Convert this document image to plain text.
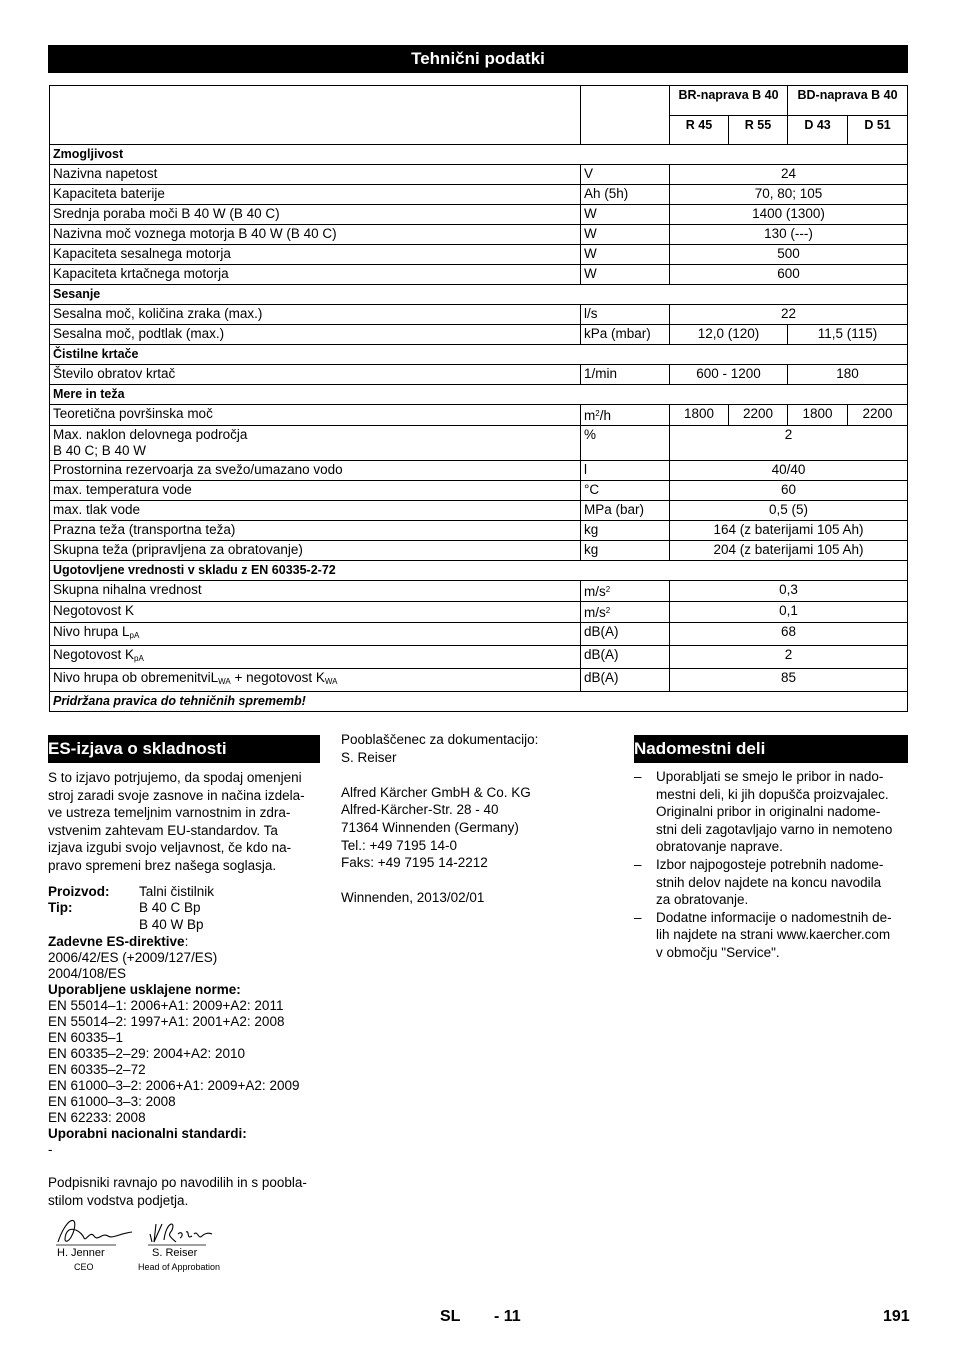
Tehnični podatki
		BR-naprava B 40		BD-naprava B 40	
		R 45	R 55	D 43	D 51
Zmogljivost					
Nazivna napetost	V	24			
Kapaciteta baterije	Ah (5h)	70, 80; 105			
Srednja poraba moči B 40 W (B 40 C)	W	1400 (1300)			
Nazivna moč voznega motorja B 40 W (B 40 C)	W	130 (---)			
Kapaciteta sesalnega motorja	W	500			
Kapaciteta krtačnega motorja	W	600			
Sesanje					
Sesalna moč, količina zraka (max.)	l/s	22			
Sesalna moč, podtlak (max.)	kPa (mbar)	12,0 (120)		11,5 (115)	
Čistilne krtače					
Število obratov krtač	1/min	600 - 1200		180	
Mere in teža					
Teoretična površinska moč	$m^2/h$	1800	2200	1800	2200

Max. naklon delovnega področja
B 40 C; B 40 W	%	2			
Prostornina rezervoarja za svežo/umazano vodo	l	40/40			
max. temperatura vode	°C	60			
max. tlak vode	MPa (bar)	0,5 (5)			
Prazna teža (transportna teža)	kg	164 (z baterijami 105 Ah)			
Skupna teža (pripravljena za obratovanje)	kg	204 (z baterijami 105 Ah)			
Ugotovljene vrednosti v skladu z EN 60335-2-72					
Skupna nihalna vrednost	$m/s^2$	0,3			
Negotovost K	$m/s^2$	0,1			
Nivo hrupa $L_{pA}$	dB(A)	68			
Negotovost $K_{pA}$	dB(A)	2			
Nivo hrupa ob obremenitviL$_{WA}$ + negotovost $K_{WA}$	dB(A)	85			
Pridržana pravica do tehničnih sprememb!					
ES-izjava o skladnosti
S to izjavo potrjujemo, da spodaj omenjeni
stroj zaradi svoje zasnove in načina izdela-
ve ustreza temeljnim varnostnim in zdra-
vstvenim zahtevam EU-standardov. Ta
izjava izgubi svojo veljavnost, če kdo na-
pravo spremeni brez našega soglasja.
Proizvod:	Talni čistilnik
Tip:	B 40 C Bp
B 40 W Bp
Zadevne ES-direktive:
2006/42/ES (+2009/127/ES)
2004/108/ES
Uporabljene usklajene norme:
EN 55014–1: 2006+A1: 2009+A2: 2011
EN 55014–2: 1997+A1: 2001+A2: 2008
EN 60335–1
EN 60335–2–29: 2004+A2: 2010
EN 60335–2–72
EN 61000–3–2: 2006+A1: 2009+A2: 2009
EN 61000–3–3: 2008
EN 62233: 2008
Uporabni nacionalni standardi:
-
Podpisniki ravnajo po navodilih in s poobla-
stilom vodstva podjetja.
H. Jenner
CEO
S. Reiser
Head of Approbation
Pooblaščenec za dokumentacijo:
S. Reiser
Alfred Kärcher GmbH & Co. KG
Alfred-Kärcher-Str. 28 - 40
71364 Winnenden (Germany)
Tel.: +49 7195 14-0
Faks: +49 7195 14-2212
Winnenden, 2013/02/01
Nadomestni deli
– Uporabljati se smejo le pribor in nado-
mestni deli, ki jih dopušča proizvajalec.
Originalni pribor in originalni nadome-
stni deli zagotavljajo varno in nemoteno
obratovanje naprave.
– Izbor najpogosteje potrebnih nadome-
stnih delov najdete na koncu navodila
za obratovanje.
– Dodatne informacije o nadomestnih de-
lih najdete na strani www.kaercher.com
v območju "Service".
SL - 11	191
